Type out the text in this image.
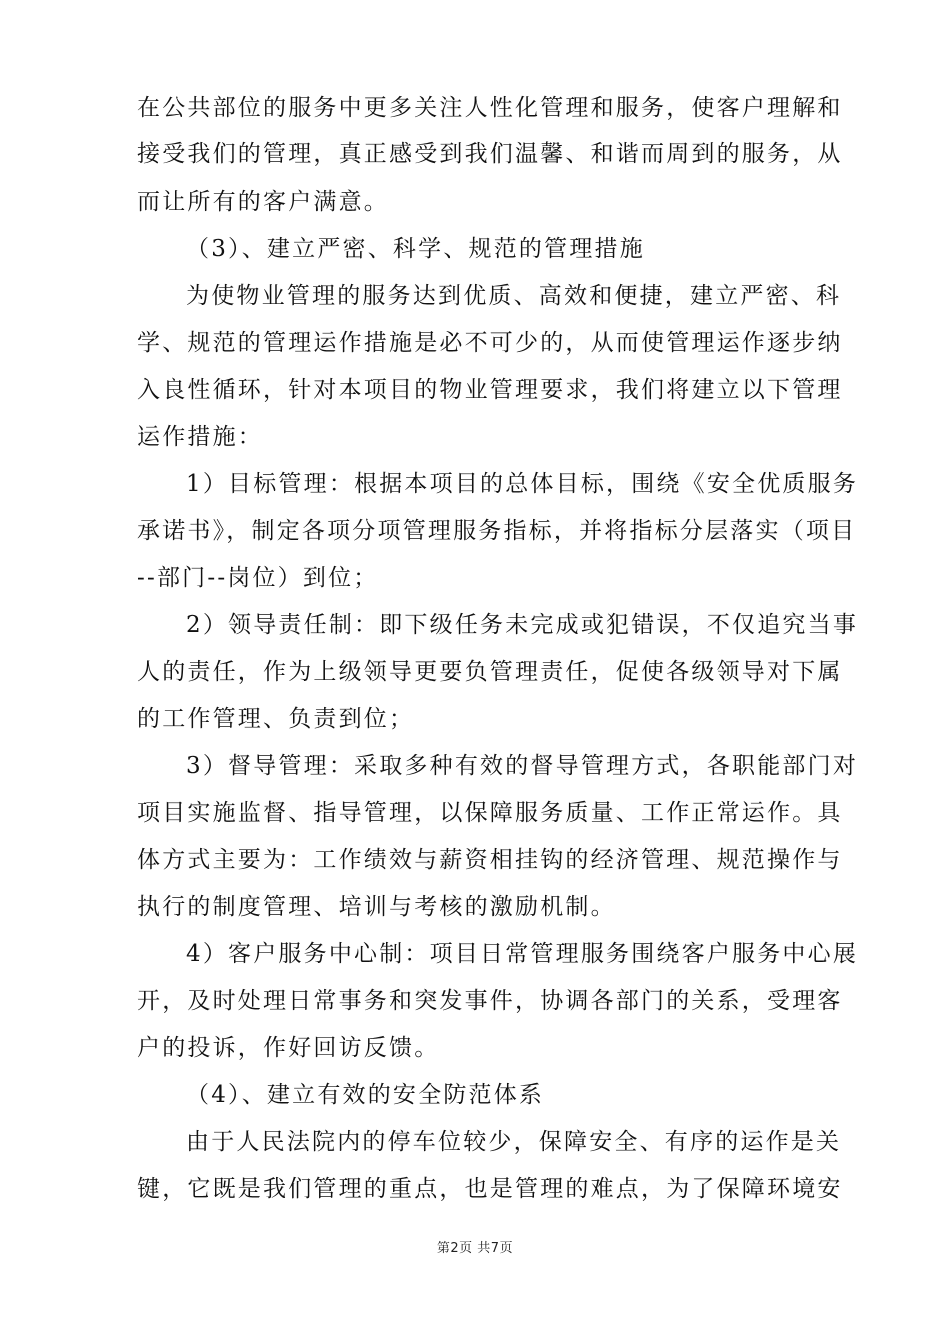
在公共部位的服务中更多关注人性化管理和服务，使客户理解和
接受我们的管理，真正感受到我们温馨、和谐而周到的服务，从
而让所有的客户满意。
（3）、建立严密、科学、规范的管理措施
为使物业管理的服务达到优质、高效和便捷，建立严密、科
学、规范的管理运作措施是必不可少的，从而使管理运作逐步纳
入良性循环，针对本项目的物业管理要求，我们将建立以下管理
运作措施：
1）目标管理：根据本项目的总体目标，围绕《安全优质服务
承诺书》，制定各项分项管理服务指标，并将指标分层落实（项目
--部门--岗位）到位；
2）领导责任制：即下级任务未完成或犯错误，不仅追究当事
人的责任，作为上级领导更要负管理责任，促使各级领导对下属
的工作管理、负责到位；
3）督导管理：采取多种有效的督导管理方式，各职能部门对
项目实施监督、指导管理，以保障服务质量、工作正常运作。具
体方式主要为：工作绩效与薪资相挂钩的经济管理、规范操作与
执行的制度管理、培训与考核的激励机制。
4）客户服务中心制：项目日常管理服务围绕客户服务中心展
开，及时处理日常事务和突发事件，协调各部门的关系，受理客
户的投诉，作好回访反馈。
（4）、建立有效的安全防范体系
由于人民法院内的停车位较少，保障安全、有序的运作是关
键，它既是我们管理的重点，也是管理的难点，为了保障环境安
第2页 共7页
